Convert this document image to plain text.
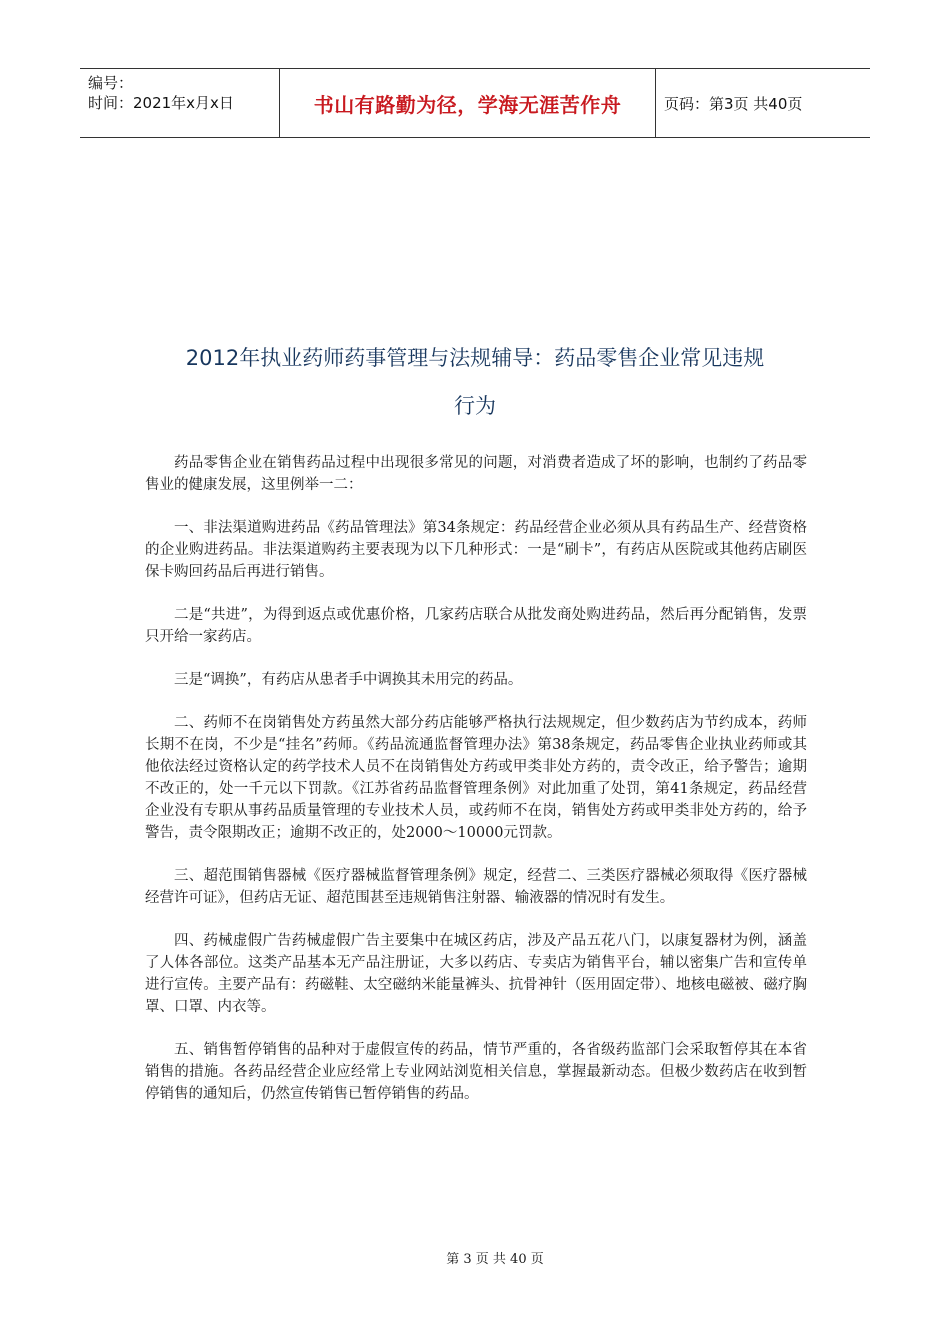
编号：
时间：2021年x月x日	书山有路勤为径，学海无涯苦作舟	页码：第3页 共40页
2012年执业药师药事管理与法规辅导：药品零售企业常见违规
行为

药品零售企业在销售药品过程中出现很多常见的问题，对消费者造成了坏的影响，也制约了药品零售业的健康发展，这里例举一二：

一、非法渠道购进药品《药品管理法》第34条规定：药品经营企业必须从具有药品生产、经营资格的企业购进药品。非法渠道购药主要表现为以下几种形式：一是“刷卡”，有药店从医院或其他药店刷医保卡购回药品后再进行销售。

二是“共进”，为得到返点或优惠价格，几家药店联合从批发商处购进药品，然后再分配销售，发票只开给一家药店。

三是“调换”，有药店从患者手中调换其未用完的药品。

二、药师不在岗销售处方药虽然大部分药店能够严格执行法规规定，但少数药店为节约成本，药师长期不在岗，不少是“挂名”药师。《药品流通监督管理办法》第38条规定，药品零售企业执业药师或其他依法经过资格认定的药学技术人员不在岗销售处方药或甲类非处方药的，责令改正，给予警告；逾期不改正的，处一千元以下罚款。《江苏省药品监督管理条例》对此加重了处罚，第41条规定，药品经营企业没有专职从事药品质量管理的专业技术人员，或药师不在岗，销售处方药或甲类非处方药的，给予警告，责令限期改正；逾期不改正的，处2000～10000元罚款。

三、超范围销售器械《医疗器械监督管理条例》规定，经营二、三类医疗器械必须取得《医疗器械经营许可证》，但药店无证、超范围甚至违规销售注射器、输液器的情况时有发生。

四、药械虚假广告药械虚假广告主要集中在城区药店，涉及产品五花八门，以康复器材为例，涵盖了人体各部位。这类产品基本无产品注册证，大多以药店、专卖店为销售平台，辅以密集广告和宣传单进行宣传。主要产品有：药磁鞋、太空磁纳米能量裤头、抗骨神针（医用固定带）、地核电磁被、磁疗胸罩、口罩、内衣等。

五、销售暂停销售的品种对于虚假宣传的药品，情节严重的，各省级药监部门会采取暂停其在本省销售的措施。各药品经营企业应经常上专业网站浏览相关信息，掌握最新动态。但极少数药店在收到暂停销售的通知后，仍然宣传销售已暂停销售的药品。

第 3 页 共 40 页
